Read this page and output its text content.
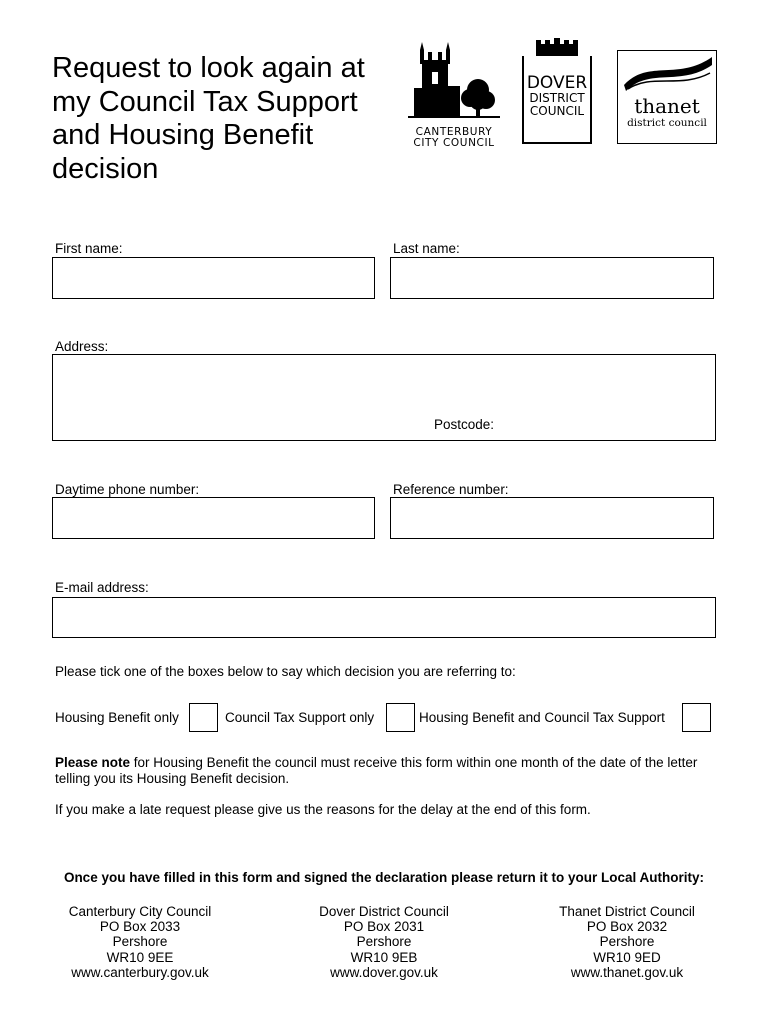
Request to look again at my Council Tax Support and Housing Benefit decision
CANTERBURY
CITY COUNCIL
DOVER
DISTRICT
COUNCIL	thanet
district council
First name:	Last name:
Address:
Postcode:
Daytime phone number:	Reference number:
E-mail address:
Please tick one of the boxes below to say which decision you are referring to:
Housing Benefit only	Council Tax Support only	Housing Benefit and Council Tax Support
Please note for Housing Benefit the council must receive this form within one month of the date of the letter telling you its Housing Benefit decision.
If you make a late request please give us the reasons for the delay at the end of this form.
Once you have filled in this form and signed the declaration please return it to your Local Authority:
Canterbury City Council
PO Box 2033
Pershore
WR10 9EE
www.canterbury.gov.uk
Dover District Council
PO Box 2031
Pershore
WR10 9EB
www.dover.gov.uk
Thanet District Council
PO Box 2032
Pershore
WR10 9ED
www.thanet.gov.uk
